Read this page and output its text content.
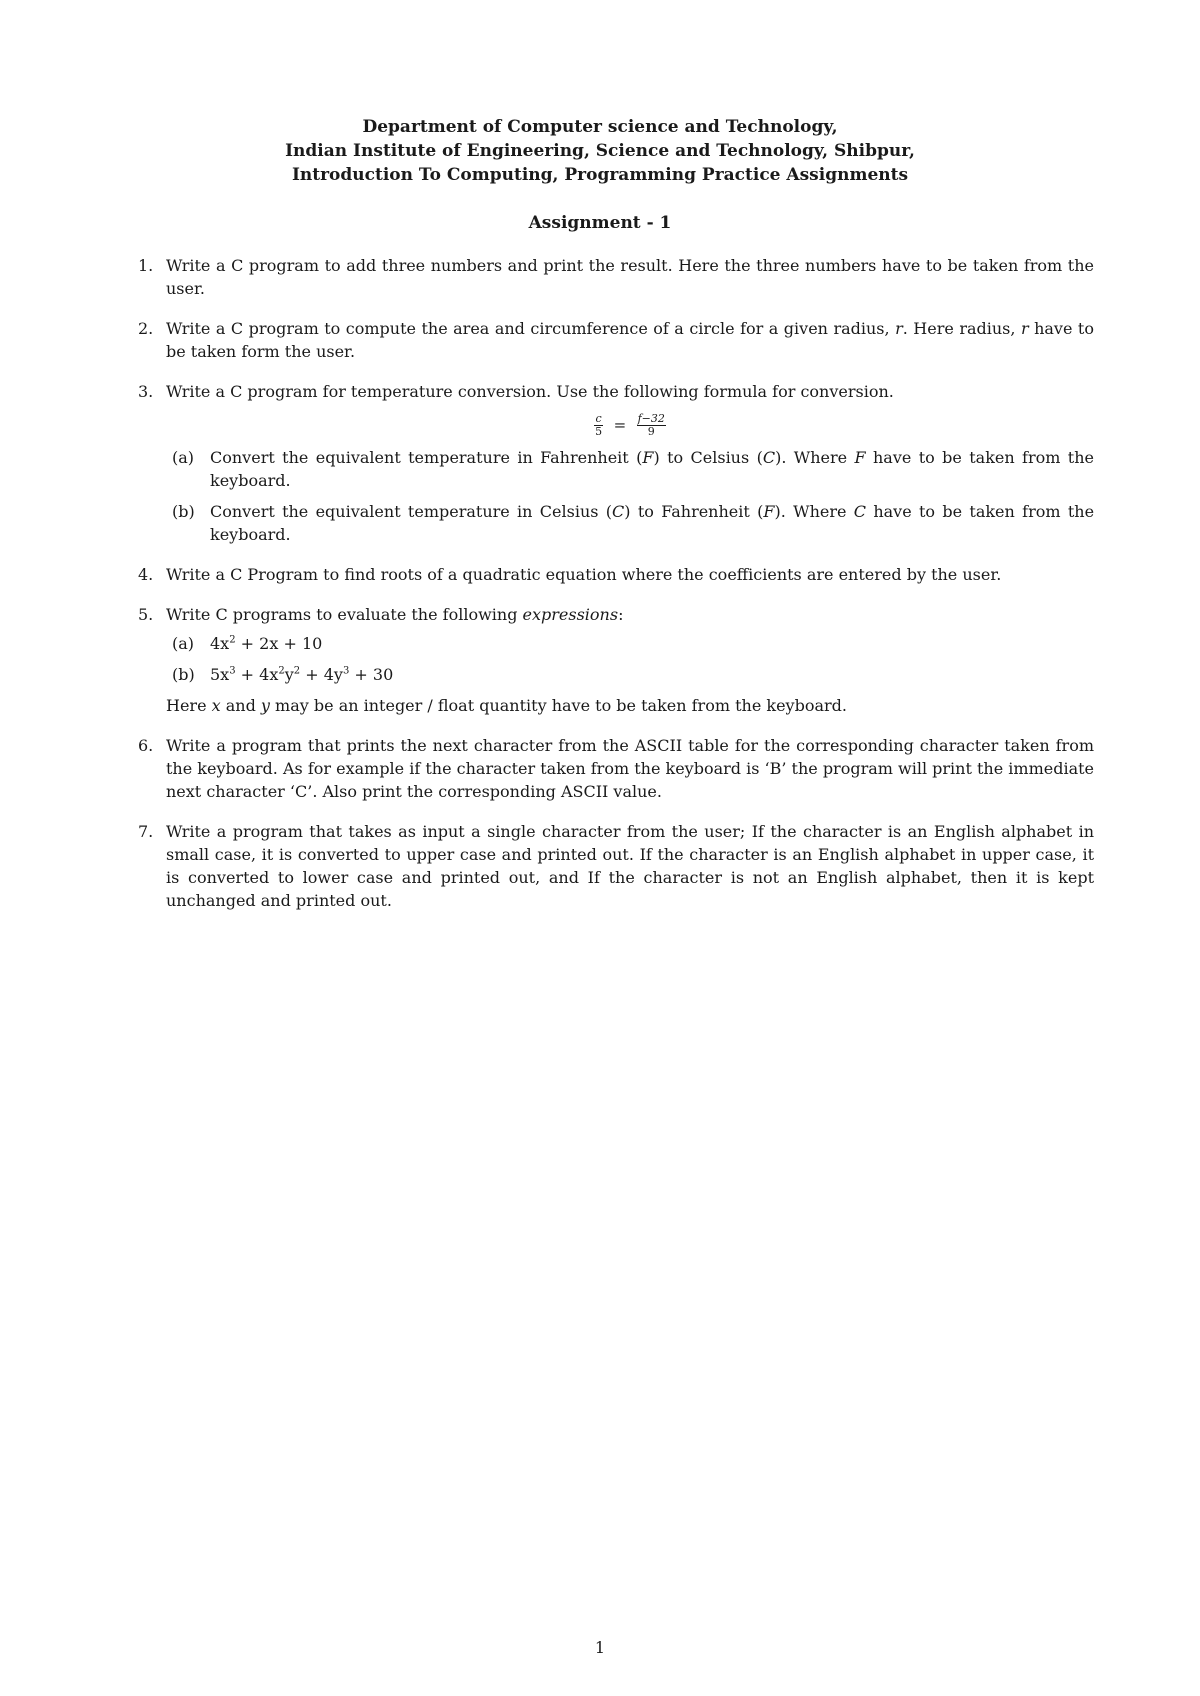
Department of Computer science and Technology,
Indian Institute of Engineering, Science and Technology, Shibpur,
Introduction To Computing, Programming Practice Assignments
Assignment - 1
1. Write a C program to add three numbers and print the result. Here the three numbers have to be taken from the user.
2. Write a C program to compute the area and circumference of a circle for a given radius, r. Here radius, r have to be taken form the user.
3. Write a C program for temperature conversion. Use the following formula for conversion.
$\frac{c}{5} = \frac{f-32}{9}$
(a) Convert the equivalent temperature in Fahrenheit (F) to Celsius (C). Where F have to be taken from the keyboard.
(b) Convert the equivalent temperature in Celsius (C) to Fahrenheit (F). Where C have to be taken from the keyboard.
4. Write a C Program to find roots of a quadratic equation where the coefficients are entered by the user.
5. Write C programs to evaluate the following expressions:
(a) $4x^2 + 2x + 10$
(b) $5x^3 + 4x^2y^2 + 4y^3 + 30$
Here x and y may be an integer / float quantity have to be taken from the keyboard.
6. Write a program that prints the next character from the ASCII table for the corresponding character taken from the keyboard. As for example if the character taken from the keyboard is ‘B’ the program will print the immediate next character ‘C’. Also print the corresponding ASCII value.
7. Write a program that takes as input a single character from the user; If the character is an English alphabet in small case, it is converted to upper case and printed out. If the character is an English alphabet in upper case, it is converted to lower case and printed out, and If the character is not an English alphabet, then it is kept unchanged and printed out.
1
